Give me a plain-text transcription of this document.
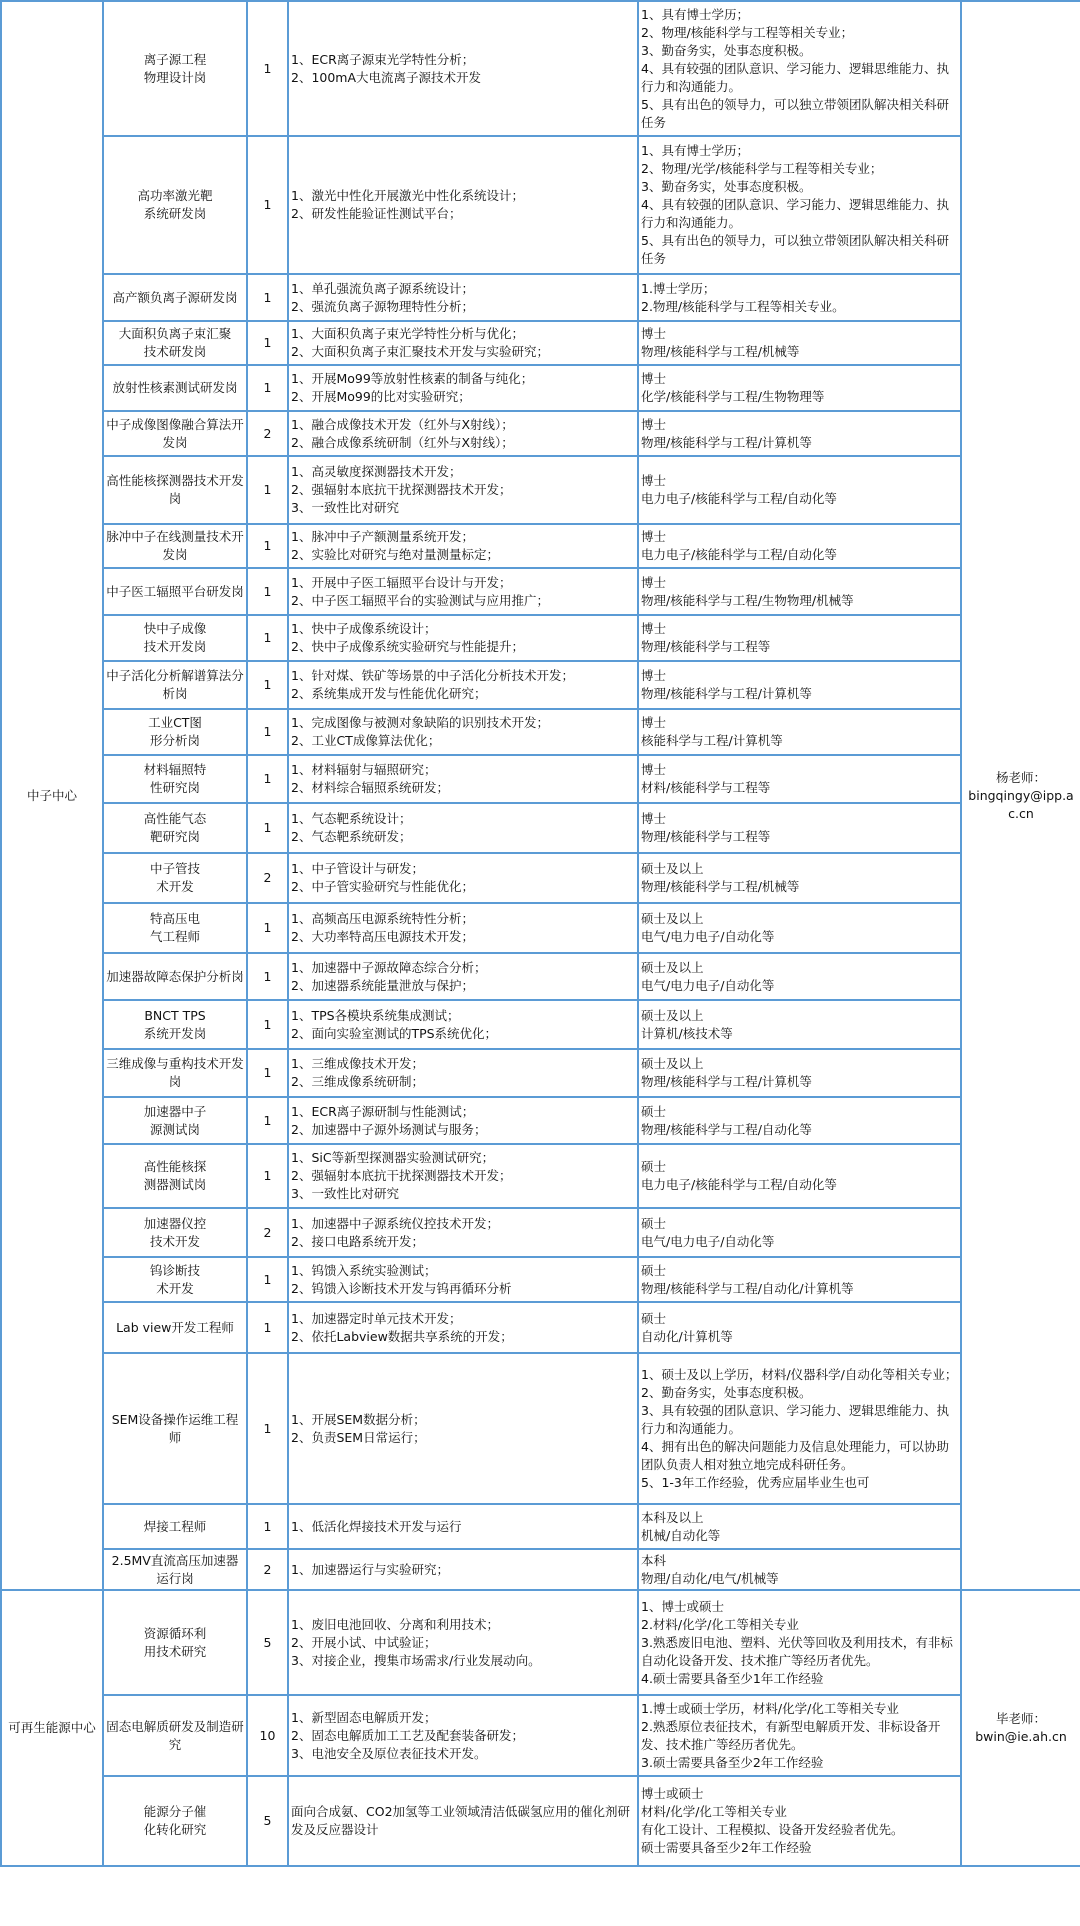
中子中心	离子源工程
物理设计岗	1	1、ECR离子源束光学特性分析；
2、100mA大电流离子源技术开发	1、具有博士学历；
2、物理/核能科学与工程等相关专业；
3、勤奋务实，处事态度积极。
4、具有较强的团队意识、学习能力、逻辑思维能力、执行力和沟通能力。
5、具有出色的领导力，可以独立带领团队解决相关科研任务	杨老师：
bingqingy@ipp.ac.cn

	高功率激光靶
系统研发岗	1	1、激光中性化开展激光中性化系统设计；
2、研发性能验证性测试平台；	1、具有博士学历；
2、物理/光学/核能科学与工程等相关专业；
3、勤奋务实，处事态度积极。
4、具有较强的团队意识、学习能力、逻辑思维能力、执行力和沟通能力。
5、具有出色的领导力，可以独立带领团队解决相关科研任务	

	高产额负离子源研发岗	1	1、单孔强流负离子源系统设计；
2、强流负离子源物理特性分析；	1.博士学历；
2.物理/核能科学与工程等相关专业。	

	大面积负离子束汇聚
技术研发岗	1	1、大面积负离子束光学特性分析与优化；
2、大面积负离子束汇聚技术开发与实验研究；	博士
物理/核能科学与工程/机械等	

	放射性核素测试研发岗	1	1、开展Mo99等放射性核素的制备与纯化；
2、开展Mo99的比对实验研究；	博士
化学/核能科学与工程/生物物理等	

	中子成像图像融合算法开发岗	2	1、融合成像技术开发（红外与X射线）；
2、融合成像系统研制（红外与X射线）；	博士
物理/核能科学与工程/计算机等	

	高性能核探测器技术开发岗	1	1、高灵敏度探测器技术开发；
2、强辐射本底抗干扰探测器技术开发；
3、一致性比对研究	博士
电力电子/核能科学与工程/自动化等	

	脉冲中子在线测量技术开发岗	1	1、脉冲中子产额测量系统开发；
2、实验比对研究与绝对量测量标定；	博士
电力电子/核能科学与工程/自动化等	

	中子医工辐照平台研发岗	1	1、开展中子医工辐照平台设计与开发；
2、中子医工辐照平台的实验测试与应用推广；	博士
物理/核能科学与工程/生物物理/机械等	

	快中子成像
技术开发岗	1	1、快中子成像系统设计；
2、快中子成像系统实验研究与性能提升；	博士
物理/核能科学与工程等	

	中子活化分析解谱算法分析岗	1	1、针对煤、铁矿等场景的中子活化分析技术开发；
2、系统集成开发与性能优化研究；	博士
物理/核能科学与工程/计算机等	

	工业CT图
形分析岗	1	1、完成图像与被测对象缺陷的识别技术开发；
2、工业CT成像算法优化；	博士
核能科学与工程/计算机等	

	材料辐照特
性研究岗	1	1、材料辐射与辐照研究；
2、材料综合辐照系统研发；	博士
材料/核能科学与工程等	

	高性能气态
靶研究岗	1	1、气态靶系统设计；
2、气态靶系统研发；	博士
物理/核能科学与工程等	

	中子管技
术开发	2	1、中子管设计与研发；
2、中子管实验研究与性能优化；	硕士及以上
物理/核能科学与工程/机械等	

	特高压电
气工程师	1	1、高频高压电源系统特性分析；
2、大功率特高压电源技术开发；	硕士及以上
电气/电力电子/自动化等	

	加速器故障态保护分析岗	1	1、加速器中子源故障态综合分析；
2、加速器系统能量泄放与保护；	硕士及以上
电气/电力电子/自动化等	

	BNCT TPS
系统开发岗	1	1、TPS各模块系统集成测试；
2、面向实验室测试的TPS系统优化；	硕士及以上
计算机/核技术等	

	三维成像与重构技术开发岗	1	1、三维成像技术开发；
2、三维成像系统研制；	硕士及以上
物理/核能科学与工程/计算机等	

	加速器中子
源测试岗	1	1、ECR离子源研制与性能测试；
2、加速器中子源外场测试与服务；	硕士
物理/核能科学与工程/自动化等	

	高性能核探
测器测试岗	1	1、SiC等新型探测器实验测试研究；
2、强辐射本底抗干扰探测器技术开发；
3、一致性比对研究	硕士
电力电子/核能科学与工程/自动化等	

	加速器仪控
技术开发	2	1、加速器中子源系统仪控技术开发；
2、接口电路系统开发；	硕士
电气/电力电子/自动化等	

	钨诊断技
术开发	1	1、钨馈入系统实验测试；
2、钨馈入诊断技术开发与钨再循环分析	硕士
物理/核能科学与工程/自动化/计算机等	

	Lab view开发工程师	1	1、加速器定时单元技术开发；
2、依托Labview数据共享系统的开发；	硕士
自动化/计算机等	

	SEM设备操作运维工程师	1	1、开展SEM数据分析；
2、负责SEM日常运行；	1、硕士及以上学历，材料/仪器科学/自动化等相关专业；
2、勤奋务实，处事态度积极。
3、具有较强的团队意识、学习能力、逻辑思维能力、执行力和沟通能力。
4、拥有出色的解决问题能力及信息处理能力，可以协助团队负责人相对独立地完成科研任务。
5、1-3年工作经验，优秀应届毕业生也可	

	焊接工程师	1	1、低活化焊接技术开发与运行	本科及以上
机械/自动化等	

	2.5MV直流高压加速器
运行岗	2	1、加速器运行与实验研究；	本科
物理/自动化/电气/机械等	

可再生能源中心	资源循环利
用技术研究	5	1、废旧电池回收、分离和利用技术；
2、开展小试、中试验证；
3、对接企业，搜集市场需求/行业发展动向。	1、博士或硕士
2.材料/化学/化工等相关专业
3.熟悉废旧电池、塑料、光伏等回收及利用技术，有非标自动化设备开发、技术推广等经历者优先。
4.硕士需要具备至少1年工作经验	毕老师：
bwin@ie.ah.cn

	固态电解质研发及制造研究	10	1、新型固态电解质开发；
2、固态电解质加工工艺及配套装备研发；
3、电池安全及原位表征技术开发。	1.博士或硕士学历，材料/化学/化工等相关专业
2.熟悉原位表征技术，有新型电解质开发、非标设备开发、技术推广等经历者优先。
3.硕士需要具备至少2年工作经验	

	能源分子催
化转化研究	5	面向合成氨、CO2加氢等工业领域清洁低碳氢应用的催化剂研发及反应器设计	博士或硕士
材料/化学/化工等相关专业
有化工设计、工程模拟、设备开发经验者优先。
硕士需要具备至少2年工作经验	
